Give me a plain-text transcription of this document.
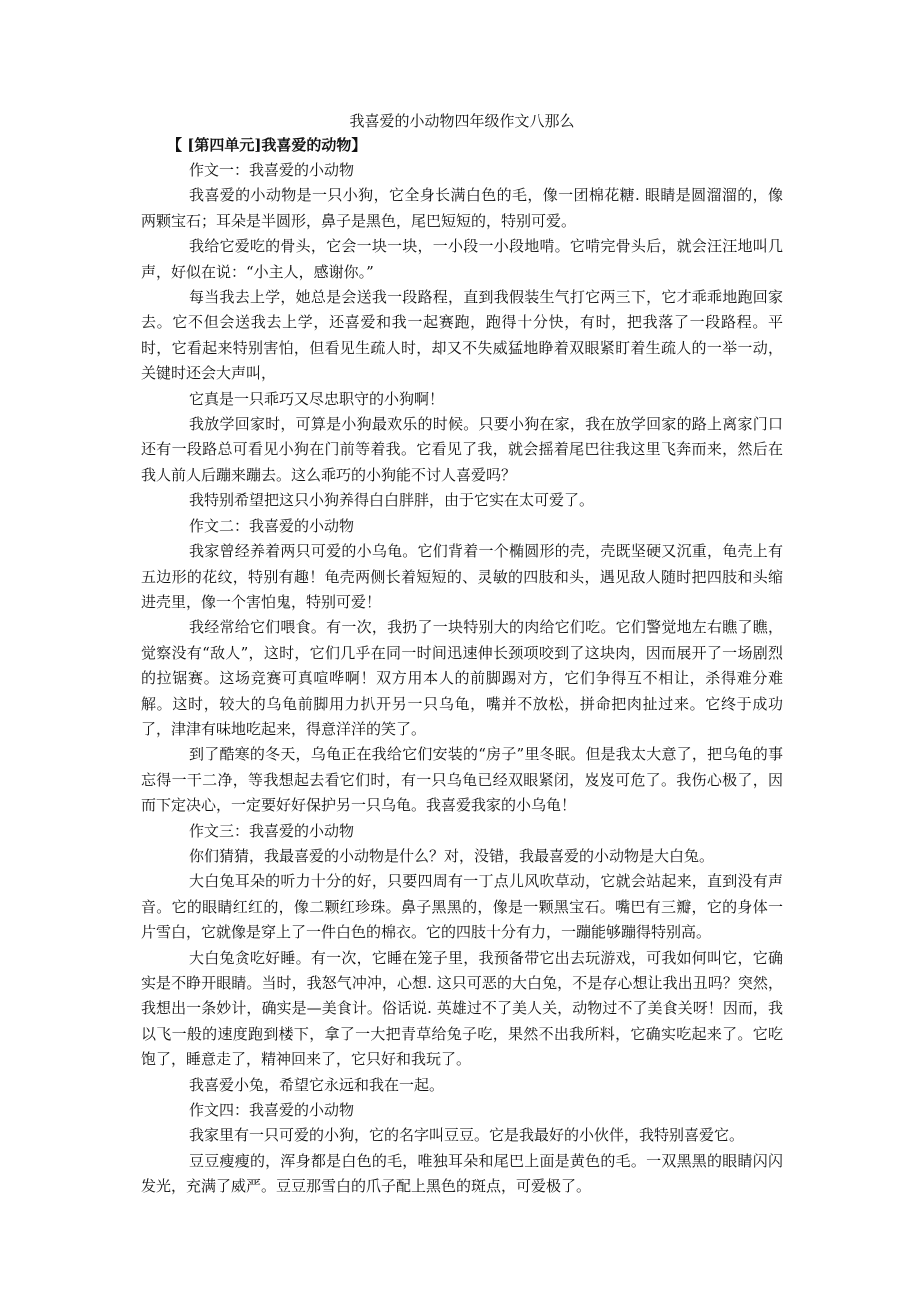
我喜爱的小动物四年级作文八那么
【 [第四单元]我喜爱的动物】

作文一：我喜爱的小动物

我喜爱的小动物是一只小狗，它全身长满白色的毛，像一团棉花糖. 眼睛是圆溜溜的，像两颗宝石；耳朵是半圆形，鼻子是黑色，尾巴短短的，特别可爱。

我给它爱吃的骨头，它会一块一块，一小段一小段地啃。它啃完骨头后，就会汪汪地叫几声，好似在说：“小主人，感谢你。”

每当我去上学，她总是会送我一段路程，直到我假装生气打它两三下，它才乖乖地跑回家去。它不但会送我去上学，还喜爱和我一起赛跑，跑得十分快，有时，把我落了一段路程。平时，它看起来特别害怕，但看见生疏人时，却又不失威猛地睁着双眼紧盯着生疏人的一举一动，关键时还会大声叫，

它真是一只乖巧又尽忠职守的小狗啊！

我放学回家时，可算是小狗最欢乐的时候。只要小狗在家，我在放学回家的路上离家门口还有一段路总可看见小狗在门前等着我。它看见了我，就会摇着尾巴往我这里飞奔而来，然后在我人前人后蹦来蹦去。这么乖巧的小狗能不讨人喜爱吗？

我特别希望把这只小狗养得白白胖胖，由于它实在太可爱了。

作文二：我喜爱的小动物

我家曾经养着两只可爱的小乌龟。它们背着一个椭圆形的壳，壳既坚硬又沉重，龟壳上有五边形的花纹，特别有趣！龟壳两侧长着短短的、灵敏的四肢和头，遇见敌人随时把四肢和头缩进壳里，像一个害怕鬼，特别可爱！

我经常给它们喂食。有一次，我扔了一块特别大的肉给它们吃。它们警觉地左右瞧了瞧，觉察没有“敌人”，这时，它们几乎在同一时间迅速伸长颈项咬到了这块肉，因而展开了一场剧烈的拉锯赛。这场竞赛可真喧哗啊！双方用本人的前脚踢对方，它们争得互不相让，杀得难分难解。这时，较大的乌龟前脚用力扒开另一只乌龟，嘴并不放松，拼命把肉扯过来。它终于成功了，津津有味地吃起来，得意洋洋的笑了。

到了酷寒的冬天，乌龟正在我给它们安装的“房子”里冬眠。但是我太大意了，把乌龟的事忘得一干二净，等我想起去看它们时，有一只乌龟已经双眼紧闭，岌岌可危了。我伤心极了，因而下定决心，一定要好好保护另一只乌龟。我喜爱我家的小乌龟！

作文三：我喜爱的小动物

你们猜猜，我最喜爱的小动物是什么？对，没错，我最喜爱的小动物是大白兔。

大白兔耳朵的听力十分的好，只要四周有一丁点儿风吹草动，它就会站起来，直到没有声音。它的眼睛红红的，像二颗红珍珠。鼻子黑黑的，像是一颗黑宝石。嘴巴有三瓣，它的身体一片雪白，它就像是穿上了一件白色的棉衣。它的四肢十分有力，一蹦能够蹦得特别高。

大白兔贪吃好睡。有一次，它睡在笼子里，我预备带它出去玩游戏，可我如何叫它，它确实是不睁开眼睛。当时，我怒气冲冲，心想. 这只可恶的大白兔，不是存心想让我出丑吗？突然，我想出一条妙计，确实是—美食计。俗话说. 英雄过不了美人关，动物过不了美食关呀！因而，我以飞一般的速度跑到楼下，拿了一大把青草给兔子吃，果然不出我所料，它确实吃起来了。它吃饱了，睡意走了，精神回来了，它只好和我玩了。

我喜爱小兔，希望它永远和我在一起。

作文四：我喜爱的小动物

我家里有一只可爱的小狗，它的名字叫豆豆。它是我最好的小伙伴，我特别喜爱它。

豆豆瘦瘦的，浑身都是白色的毛，唯独耳朵和尾巴上面是黄色的毛。一双黑黑的眼睛闪闪发光，充满了威严。豆豆那雪白的爪子配上黑色的斑点，可爱极了。
